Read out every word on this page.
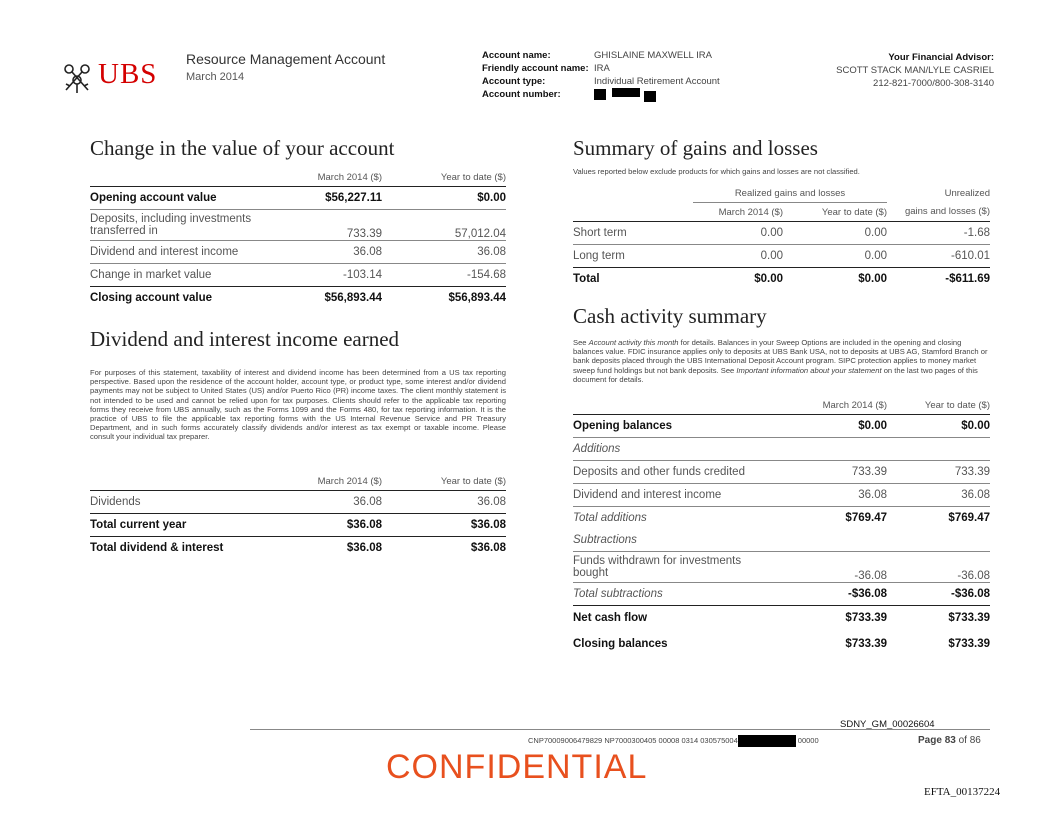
UBS Resource Management Account
March 2014
Account name:	GHISLAINE MAXWELL IRA
Friendly account name: IRA
Account type:	Individual Retirement Account
Account number:
Your Financial Advisor:
SCOTT STACK MAN/LYLE CASRIEL
212-821-7000/800-308-3140
Change in the value of your account
	March 2014 ($)	Year to date ($)
Opening account value	$56,227.11	$0.00
Deposits, including investments
transferred in	733.39	57,012.04
Dividend and interest income	36.08	36.08
Change in market value	-103.14	-154.68
Closing account value	$56,893.44	$56,893.44
Dividend and interest income earned
For purposes of this statement, taxability of interest and dividend income has been determined from a US tax reporting perspective. Based upon the residence of the account holder, account type, or product type, some interest and/or dividend payments may not be subject to United States (US) and/or Puerto Rico (PR) income taxes. The client monthly statement is not intended to be used and cannot be relied upon for tax purposes. Clients should refer to the applicable tax reporting forms they receive from UBS annually, such as the Forms 1099 and the Forms 480, for tax reporting information. It is the practice of UBS to file the applicable tax reporting forms with the US Internal Revenue Service and PR Treasury Department, and in such forms accurately classify dividends and/or interest as tax exempt or taxable income. Please consult your individual tax preparer.
	March 2014 ($)	Year to date ($)
Dividends	36.08	36.08
Total current year	$36.08	$36.08
Total dividend & interest	$36.08	$36.08
Summary of gains and losses
Values reported below exclude products for which gains and losses are not classified.
	Realized gains and losses		Unrealized
	March 2014 ($)	Year to date ($)	gains and losses ($)
Short term	0.00	0.00	-1.68
Long term	0.00	0.00	-610.01
Total	$0.00	$0.00	-$611.69
Cash activity summary
See Account activity this month for details. Balances in your Sweep Options are included in the opening and closing balances value. FDIC insurance applies only to deposits at UBS Bank USA, not to deposits at UBS AG, Stamford Branch or bank deposits placed through the UBS International Deposit Account program. SIPC protection applies to money market sweep fund holdings but not bank deposits. See Important information about your statement on the last two pages of this document for details.
	March 2014 ($)	Year to date ($)
Opening balances	$0.00	$0.00
Additions		
Deposits and other funds credited	733.39	733.39
Dividend and interest income	36.08	36.08
Total additions	$769.47	$769.47
Subtractions		
Funds withdrawn for investments
bought	-36.08	-36.08
Total subtractions	-$36.08	-$36.08
Net cash flow	$733.39	$733.39
Closing balances	$733.39	$733.39
SDNY_GM_00026604
CNP70009006479829 NP7000300405 00008 0314 030575004	00000	Page 83 of 86
CONFIDENTIAL
EFTA_00137224
